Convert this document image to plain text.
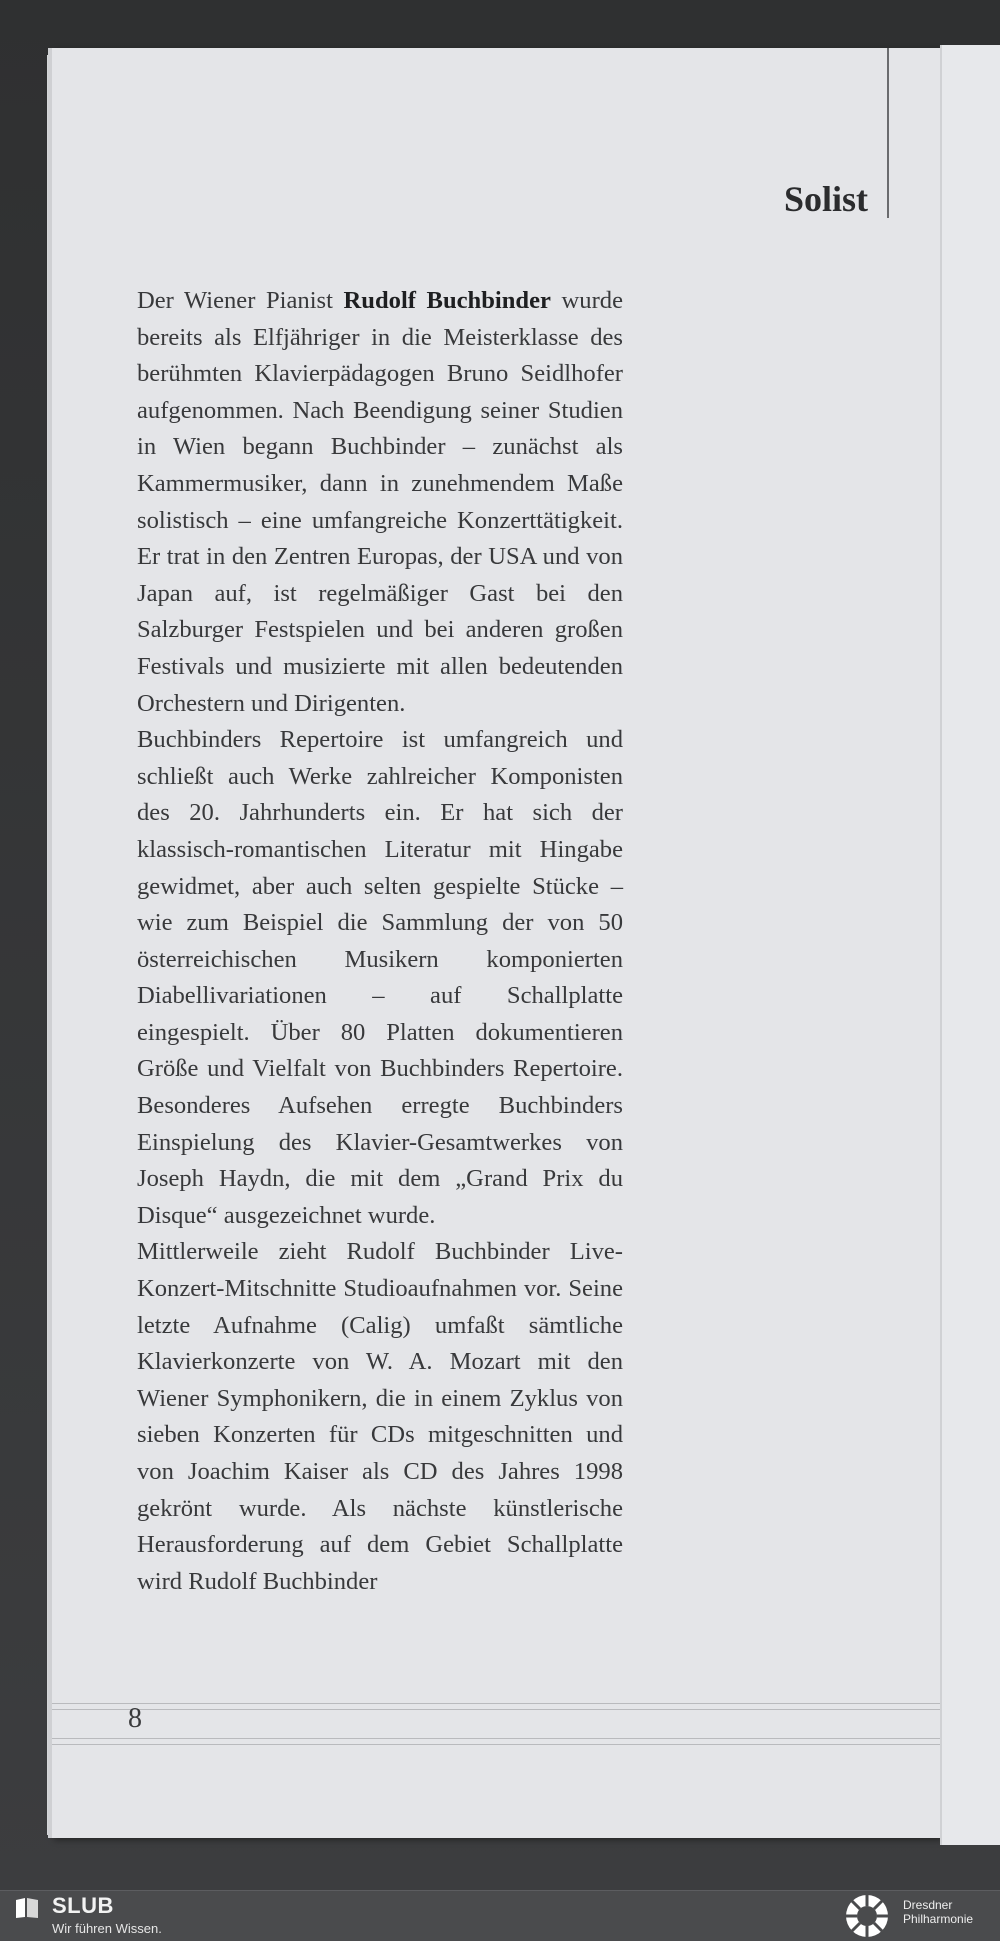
Solist

Der Wiener Pianist Rudolf Buchbinder wurde bereits als Elfjähriger in die Meisterklasse des berühmten Klavierpädagogen Bruno Seidlhofer aufgenommen. Nach Beendigung seiner Studien in Wien begann Buchbinder – zunächst als Kammermusiker, dann in zunehmendem Maße solistisch – eine umfangreiche Konzerttätigkeit. Er trat in den Zentren Europas, der USA und von Japan auf, ist regelmäßiger Gast bei den Salzburger Festspielen und bei anderen großen Festivals und musizierte mit allen bedeutenden Orchestern und Dirigenten.

Buchbinders Repertoire ist umfangreich und schließt auch Werke zahlreicher Komponisten des 20. Jahrhunderts ein. Er hat sich der klassisch-romantischen Literatur mit Hingabe gewidmet, aber auch selten gespielte Stücke – wie zum Beispiel die Sammlung der von 50 österreichischen Musikern komponierten Diabellivariationen – auf Schallplatte eingespielt. Über 80 Platten dokumentieren Größe und Vielfalt von Buchbinders Repertoire. Besonderes Aufsehen erregte Buchbinders Einspielung des Klavier-Gesamtwerkes von Joseph Haydn, die mit dem „Grand Prix du Disque“ ausgezeichnet wurde.

Mittlerweile zieht Rudolf Buchbinder Live-Konzert-Mitschnitte Studioaufnahmen vor. Seine letzte Aufnahme (Calig) umfaßt sämtliche Klavierkonzerte von W. A. Mozart mit den Wiener Symphonikern, die in einem Zyklus von sieben Konzerten für CDs mitgeschnitten und von Joachim Kaiser als CD des Jahres 1998 gekrönt wurde. Als nächste künstlerische Herausforderung auf dem Gebiet Schallplatte wird Rudolf Buchbinder

8
SLUB
Wir führen Wissen.
Dresdner
Philharmonie
